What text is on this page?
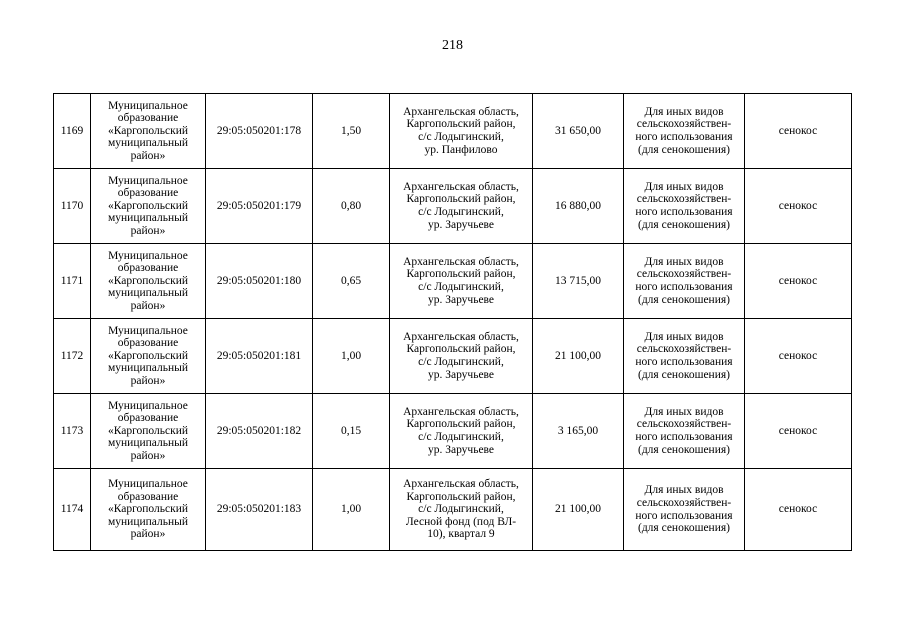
218
1169	Муниципальное
образование
«Каргопольский
муниципальный
район»	29:05:050201:178	1,50	Архангельская область,
Каргопольский район,
с/с Лодыгинский,
ур. Панфилово	31 650,00	Для иных видов
сельскохозяйствен-
ного использования
(для сенокошения)	сенокос
1170	Муниципальное
образование
«Каргопольский
муниципальный
район»	29:05:050201:179	0,80	Архангельская область,
Каргопольский район,
с/с Лодыгинский,
ур. Заручьеве	16 880,00	Для иных видов
сельскохозяйствен-
ного использования
(для сенокошения)	сенокос
1171	Муниципальное
образование
«Каргопольский
муниципальный
район»	29:05:050201:180	0,65	Архангельская область,
Каргопольский район,
с/с Лодыгинский,
ур. Заручьеве	13 715,00	Для иных видов
сельскохозяйствен-
ного использования
(для сенокошения)	сенокос
1172	Муниципальное
образование
«Каргопольский
муниципальный
район»	29:05:050201:181	1,00	Архангельская область,
Каргопольский район,
с/с Лодыгинский,
ур. Заручьеве	21 100,00	Для иных видов
сельскохозяйствен-
ного использования
(для сенокошения)	сенокос
1173	Муниципальное
образование
«Каргопольский
муниципальный
район»	29:05:050201:182	0,15	Архангельская область,
Каргопольский район,
с/с Лодыгинский,
ур. Заручьеве	3 165,00	Для иных видов
сельскохозяйствен-
ного использования
(для сенокошения)	сенокос
1174	Муниципальное
образование
«Каргопольский
муниципальный
район»	29:05:050201:183	1,00	Архангельская область,
Каргопольский район,
с/с Лодыгинский,
Лесной фонд (под ВЛ-
10), квартал 9	21 100,00	Для иных видов
сельскохозяйствен-
ного использования
(для сенокошения)	сенокос
